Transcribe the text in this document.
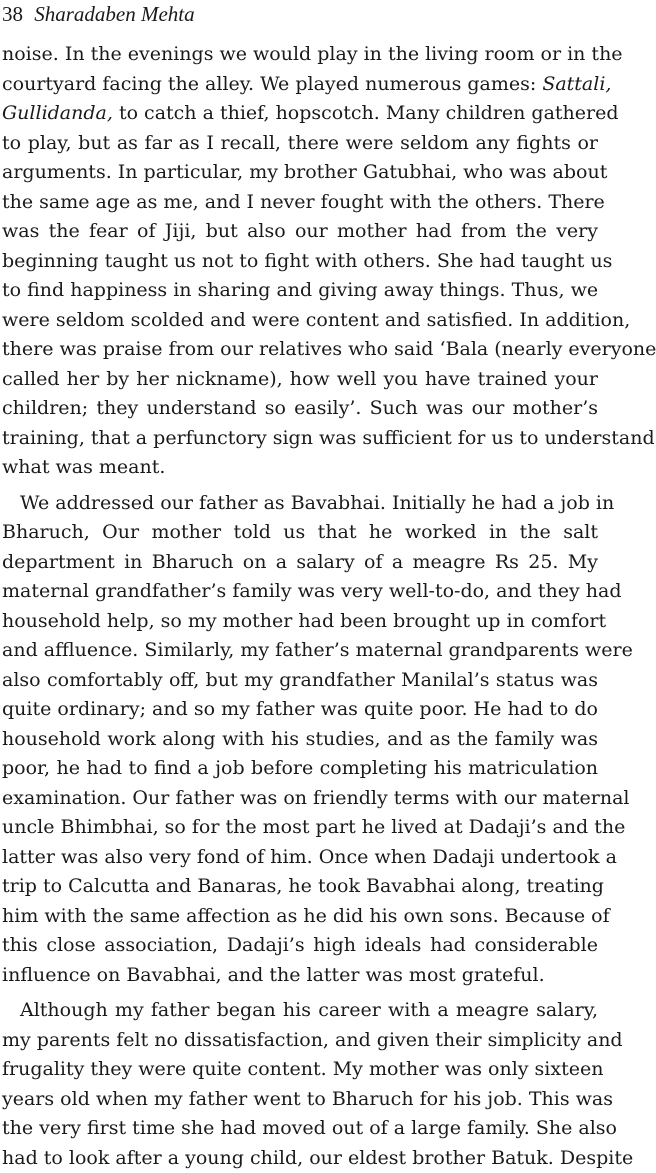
38 Sharadaben Mehta
noise. In the evenings we would play in the living room or in the
courtyard facing the alley. We played numerous games: Sattali,
Gullidanda, to catch a thief, hopscotch. Many children gathered
to play, but as far as I recall, there were seldom any fights or
arguments. In particular, my brother Gatubhai, who was about
the same age as me, and I never fought with the others. There
was the fear of Jiji, but also our mother had from the very
beginning taught us not to fight with others. She had taught us
to find happiness in sharing and giving away things. Thus, we
were seldom scolded and were content and satisfied. In addition,
there was praise from our relatives who said ‘Bala (nearly everyone
called her by her nickname), how well you have trained your
children; they understand so easily’. Such was our mother’s
training, that a perfunctory sign was sufficient for us to understand
what was meant.
We addressed our father as Bavabhai. Initially he had a job in
Bharuch, Our mother told us that he worked in the salt
department in Bharuch on a salary of a meagre Rs 25. My
maternal grandfather’s family was very well-to-do, and they had
household help, so my mother had been brought up in comfort
and affluence. Similarly, my father’s maternal grandparents were
also comfortably off, but my grandfather Manilal’s status was
quite ordinary; and so my father was quite poor. He had to do
household work along with his studies, and as the family was
poor, he had to find a job before completing his matriculation
examination. Our father was on friendly terms with our maternal
uncle Bhimbhai, so for the most part he lived at Dadaji’s and the
latter was also very fond of him. Once when Dadaji undertook a
trip to Calcutta and Banaras, he took Bavabhai along, treating
him with the same affection as he did his own sons. Because of
this close association, Dadaji’s high ideals had considerable
influence on Bavabhai, and the latter was most grateful.
Although my father began his career with a meagre salary,
my parents felt no dissatisfaction, and given their simplicity and
frugality they were quite content. My mother was only sixteen
years old when my father went to Bharuch for his job. This was
the very first time she had moved out of a large family. She also
had to look after a young child, our eldest brother Batuk. Despite
